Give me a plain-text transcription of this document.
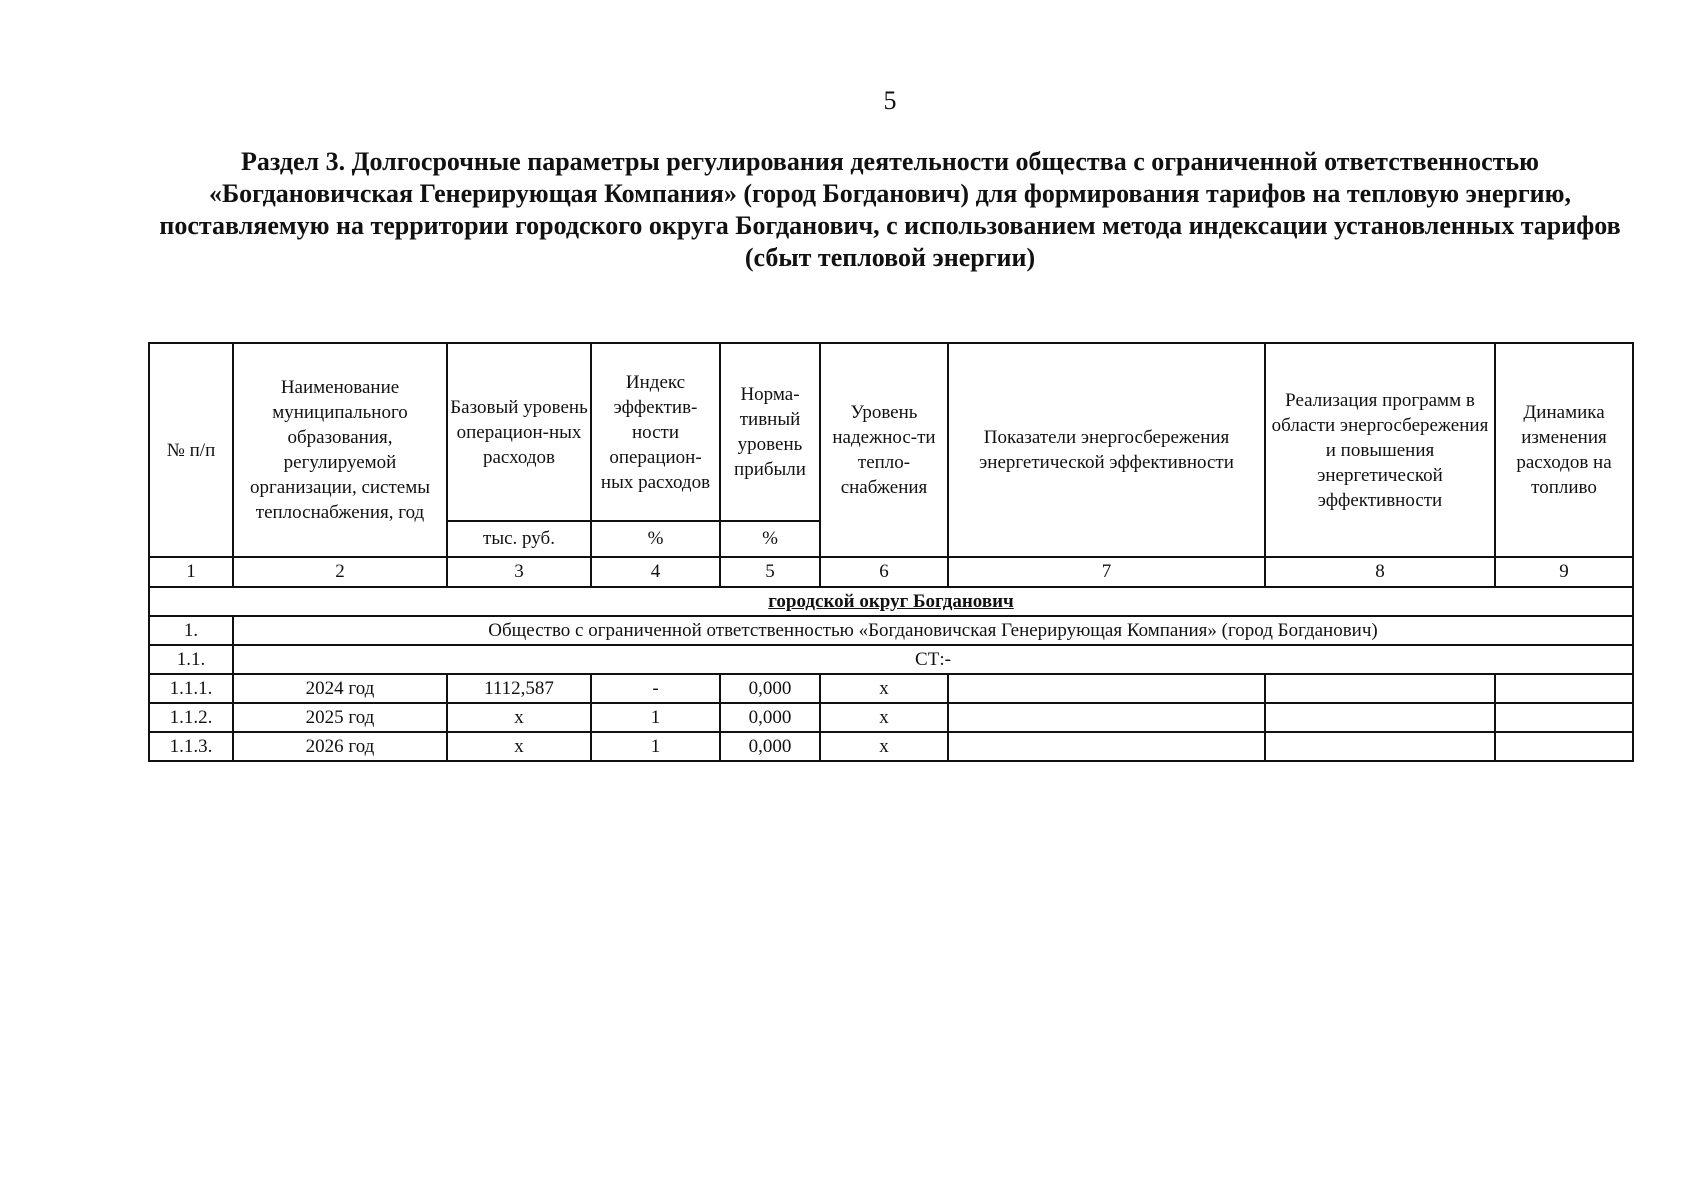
5
Раздел 3. Долгосрочные параметры регулирования деятельности общества с ограниченной ответственностью «Богдановичская Генерирующая Компания» (город Богданович) для формирования тарифов на тепловую энергию, поставляемую на территории городского округа Богданович, с использованием метода индексации установленных тарифов (сбыт тепловой энергии)
№ п/п	Наименование муниципального образования, регулируемой организации, системы теплоснабжения, год	Базовый уровень операцион-ных расходов	Индекс эффектив-ности операцион-ных расходов	Норма-тивный уровень прибыли	Уровень надежнос-ти тепло-снабжения	Показатели энергосбережения энергетической эффективности	Реализация программ в области энергосбережения и повышения энергетической эффективности	Динамика изменения расходов на топливо
		тыс. руб.	%	%				
1	2	3	4	5	6	7	8	9
городской округ Богданович								
1.	Общество с ограниченной ответственностью «Богдановичская Генерирующая Компания» (город Богданович)							
1.1.	СТ:-							
1.1.1.	2024 год	1112,587	-	0,000	х			
1.1.2.	2025 год	х	1	0,000	х			
1.1.3.	2026 год	х	1	0,000	х			
